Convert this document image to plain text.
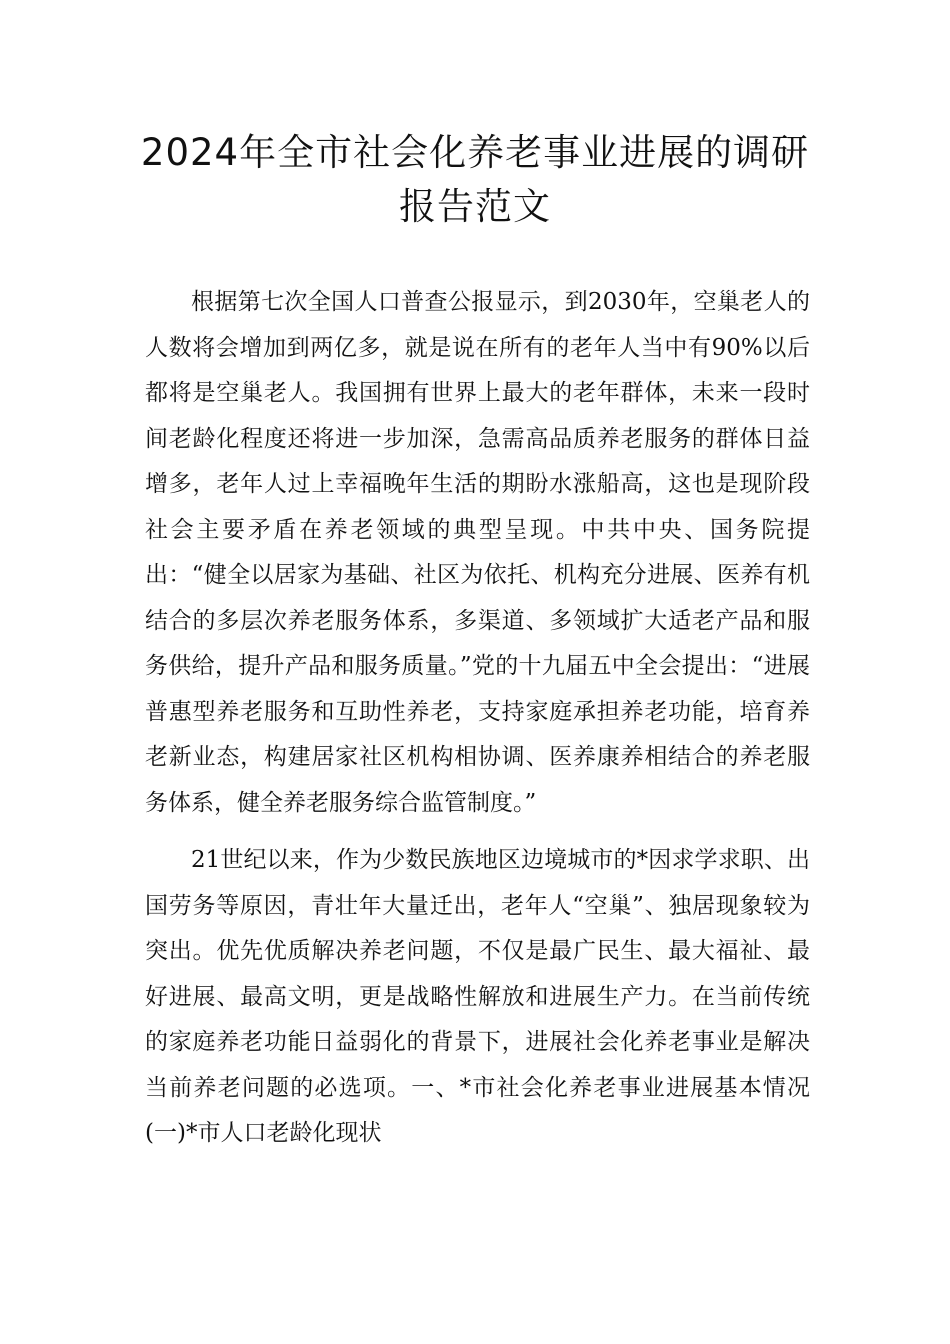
2024年全市社会化养老事业进展的调研
报告范文

根据第七次全国人口普查公报显示，到2030年，空巢老人的人数将会增加到两亿多，就是说在所有的老年人当中有90%以后都将是空巢老人。我国拥有世界上最大的老年群体，未来一段时间老龄化程度还将进一步加深，急需高品质养老服务的群体日益增多，老年人过上幸福晚年生活的期盼水涨船高，这也是现阶段社会主要矛盾在养老领域的典型呈现。中共中央、国务院提出：“健全以居家为基础、社区为依托、机构充分进展、医养有机结合的多层次养老服务体系，多渠道、多领域扩大适老产品和服务供给，提升产品和服务质量。”党的十九届五中全会提出：“进展普惠型养老服务和互助性养老，支持家庭承担养老功能，培育养老新业态，构建居家社区机构相协调、医养康养相结合的养老服务体系，健全养老服务综合监管制度。”

21世纪以来，作为少数民族地区边境城市的*因求学求职、出国劳务等原因，青壮年大量迁出，老年人“空巢”、独居现象较为突出。优先优质解决养老问题，不仅是最广民生、最大福祉、最好进展、最高文明，更是战略性解放和进展生产力。在当前传统的家庭养老功能日益弱化的背景下，进展社会化养老事业是解决当前养老问题的必选项。一、*市社会化养老事业进展基本情况　　(一)*市人口老龄化现状
